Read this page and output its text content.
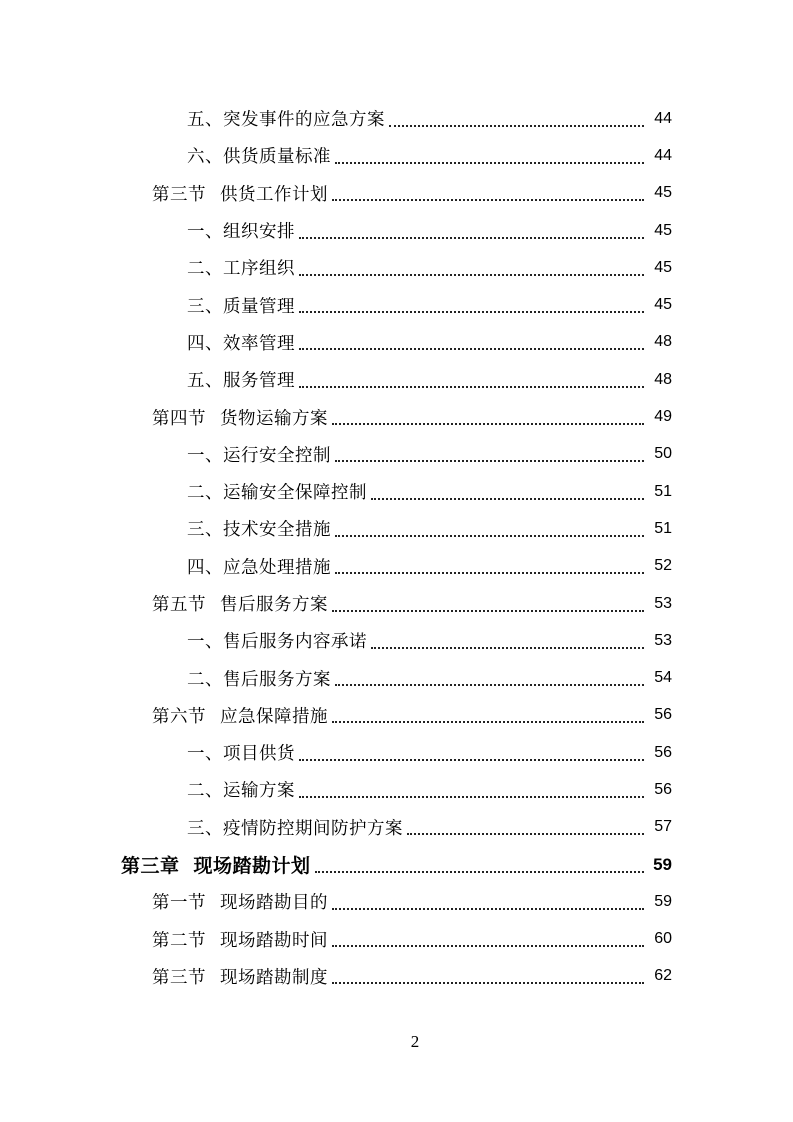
五、突发事件的应急方案	44
六、供货质量标准	44
第三节 供货工作计划	45
一、组织安排	45
二、工序组织	45
三、质量管理	45
四、效率管理	48
五、服务管理	48
第四节 货物运输方案	49
一、运行安全控制	50
二、运输安全保障控制	51
三、技术安全措施	51
四、应急处理措施	52
第五节 售后服务方案	53
一、售后服务内容承诺	53
二、售后服务方案	54
第六节 应急保障措施	56
一、项目供货	56
二、运输方案	56
三、疫情防控期间防护方案	57
第三章 现场踏勘计划	59
第一节 现场踏勘目的	59
第二节 现场踏勘时间	60
第三节 现场踏勘制度	62
2
